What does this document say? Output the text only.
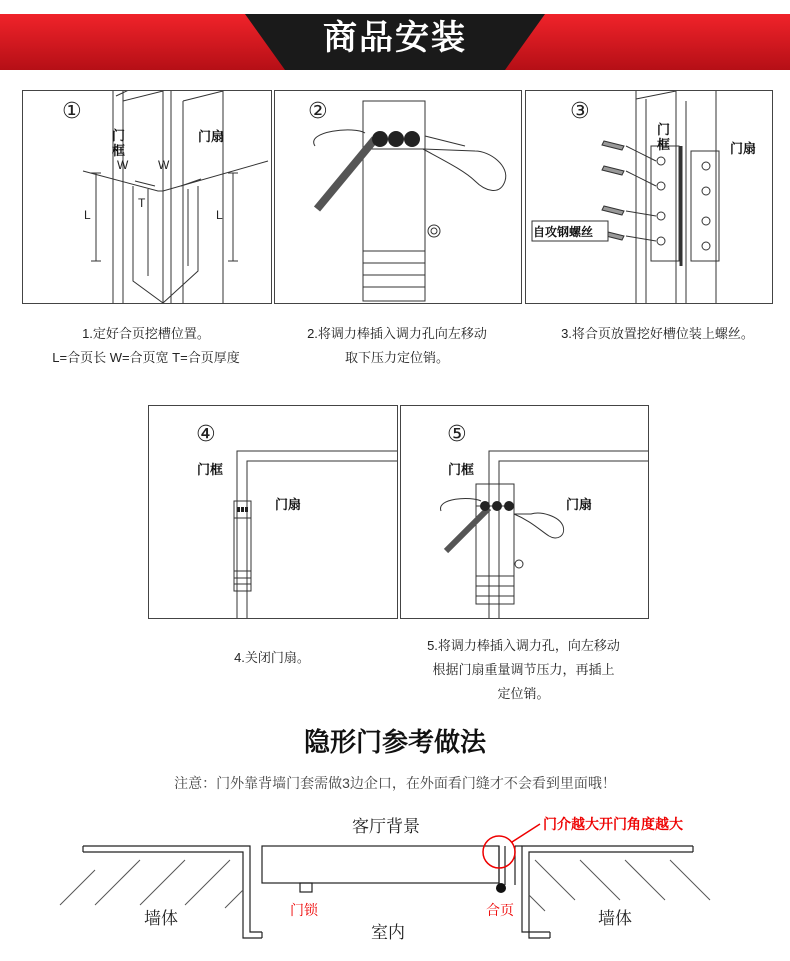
商品安装
①
门框
门扇
W W
T
L	L
②	③
门框	门扇
自攻钢螺丝
1.定好合页挖槽位置。
L=合页长 W=合页宽 T=合页厚度
2.将调力棒插入调力孔向左移动
取下压力定位销。
3.将合页放置挖好槽位装上螺丝。
④
门框
门扇
⑤
门框
门扇
4.关闭门扇。
5.将调力棒插入调力孔，向左移动
根据门扇重量调节压力，再插上
定位销。
隐形门参考做法
注意：门外靠背墙门套需做3边企口，在外面看门缝才不会看到里面哦！
客厅背景	门介越大开门角度越大
墙体	墙体
门锁	合页
室内
